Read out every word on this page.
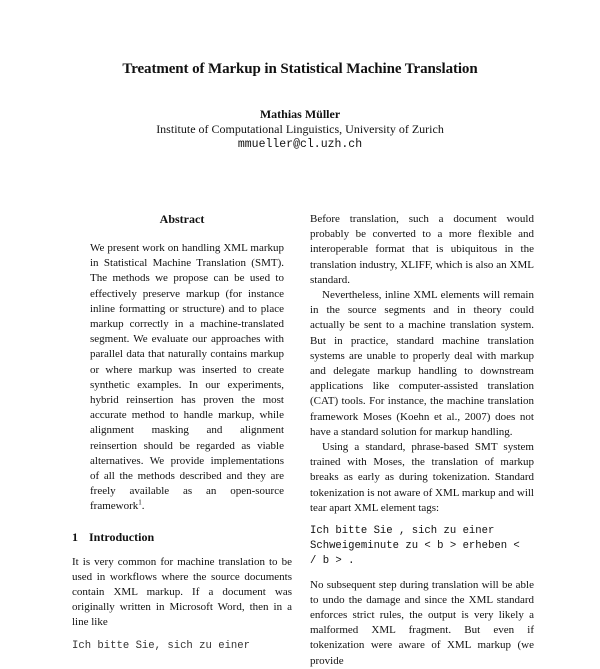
Treatment of Markup in Statistical Machine Translation
Mathias Müller
Institute of Computational Linguistics, University of Zurich
mmueller@cl.uzh.ch
Abstract

We present work on handling XML markup in Statistical Machine Translation (SMT). The methods we propose can be used to effectively preserve markup (for instance inline formatting or structure) and to place markup correctly in a machine-translated segment. We evaluate our approaches with parallel data that naturally contains markup or where markup was inserted to create synthetic examples. In our experiments, hybrid reinsertion has proven the most accurate method to handle markup, while alignment masking and alignment reinsertion should be regarded as viable alternatives. We provide implementations of all the methods described and they are freely available as an open-source framework$^1$.

1 Introduction

It is very common for machine translation to be used in workflows where the source documents contain XML markup. If a document was originally written in Microsoft Word, then in a line like

Ich bitte Sie, sich zu einer

Before translation, such a document would probably be converted to a more flexible and interoperable format that is ubiquitous in the translation industry, XLIFF, which is also an XML standard.

Nevertheless, inline XML elements will remain in the source segments and in theory could actually be sent to a machine translation system. But in practice, standard machine translation systems are unable to properly deal with markup and delegate markup handling to downstream applications like computer-assisted translation (CAT) tools. For instance, the machine translation framework Moses (Koehn et al., 2007) does not have a standard solution for markup handling.

Using a standard, phrase-based SMT system trained with Moses, the translation of markup breaks as early as during tokenization. Standard tokenization is not aware of XML markup and will tear apart XML element tags:

Ich bitte Sie , sich zu einer
Schweigeminute zu < b > erheben <
/ b > .

No subsequent step during translation will be able to undo the damage and since the XML standard enforces strict rules, the output is very likely a malformed XML fragment. But even if tokenization were aware of XML markup (we provide
